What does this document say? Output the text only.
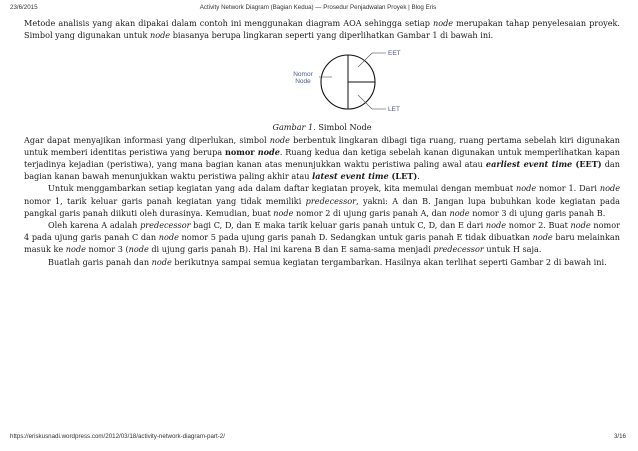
23/6/2015	Activity Network Diagram (Bagian Kedua) — Prosedur Penjadwalan Proyek | Blog Eris

Metode analisis yang akan dipakai dalam contoh ini menggunakan diagram AOA sehingga setiap node merupakan tahap penyelesaian proyek. Simbol yang digunakan untuk node biasanya berupa lingkaran seperti yang diperlihatkan Gambar 1 di bawah ini.

Nomor
Node
EET
LET
Gambar 1. Simbol Node

Agar dapat menyajikan informasi yang diperlukan, simbol node berbentuk lingkaran dibagi tiga ruang, ruang pertama sebelah kiri digunakan untuk memberi identitas peristiwa yang berupa nomor node. Ruang kedua dan ketiga sebelah kanan digunakan untuk memperlihatkan kapan terjadinya kejadian (peristiwa), yang mana bagian kanan atas menunjukkan waktu peristiwa paling awal atau earliest event time (EET) dan bagian kanan bawah menunjukkan waktu peristiwa paling akhir atau latest event time (LET).

Untuk menggambarkan setiap kegiatan yang ada dalam daftar kegiatan proyek, kita memulai dengan membuat node nomor 1. Dari node nomor 1, tarik keluar garis panah kegiatan yang tidak memiliki predecessor, yakni: A dan B. Jangan lupa bubuhkan kode kegiatan pada pangkal garis panah diikuti oleh durasinya. Kemudian, buat node nomor 2 di ujung garis panah A, dan node nomor 3 di ujung garis panah B.

Oleh karena A adalah predecessor bagi C, D, dan E maka tarik keluar garis panah untuk C, D, dan E dari node nomor 2. Buat node nomor 4 pada ujung garis panah C dan node nomor 5 pada ujung garis panah D. Sedangkan untuk garis panah E tidak dibuatkan node baru melainkan masuk ke node nomor 3 (node di ujung garis panah B). Hal ini karena B dan E sama-sama menjadi predecessor untuk H saja.

Buatlah garis panah dan node berikutnya sampai semua kegiatan tergambarkan. Hasilnya akan terlihat seperti Gambar 2 di bawah ini.

https://eriskusnadi.wordpress.com/2012/03/18/activity-network-diagram-part-2/	3/16
